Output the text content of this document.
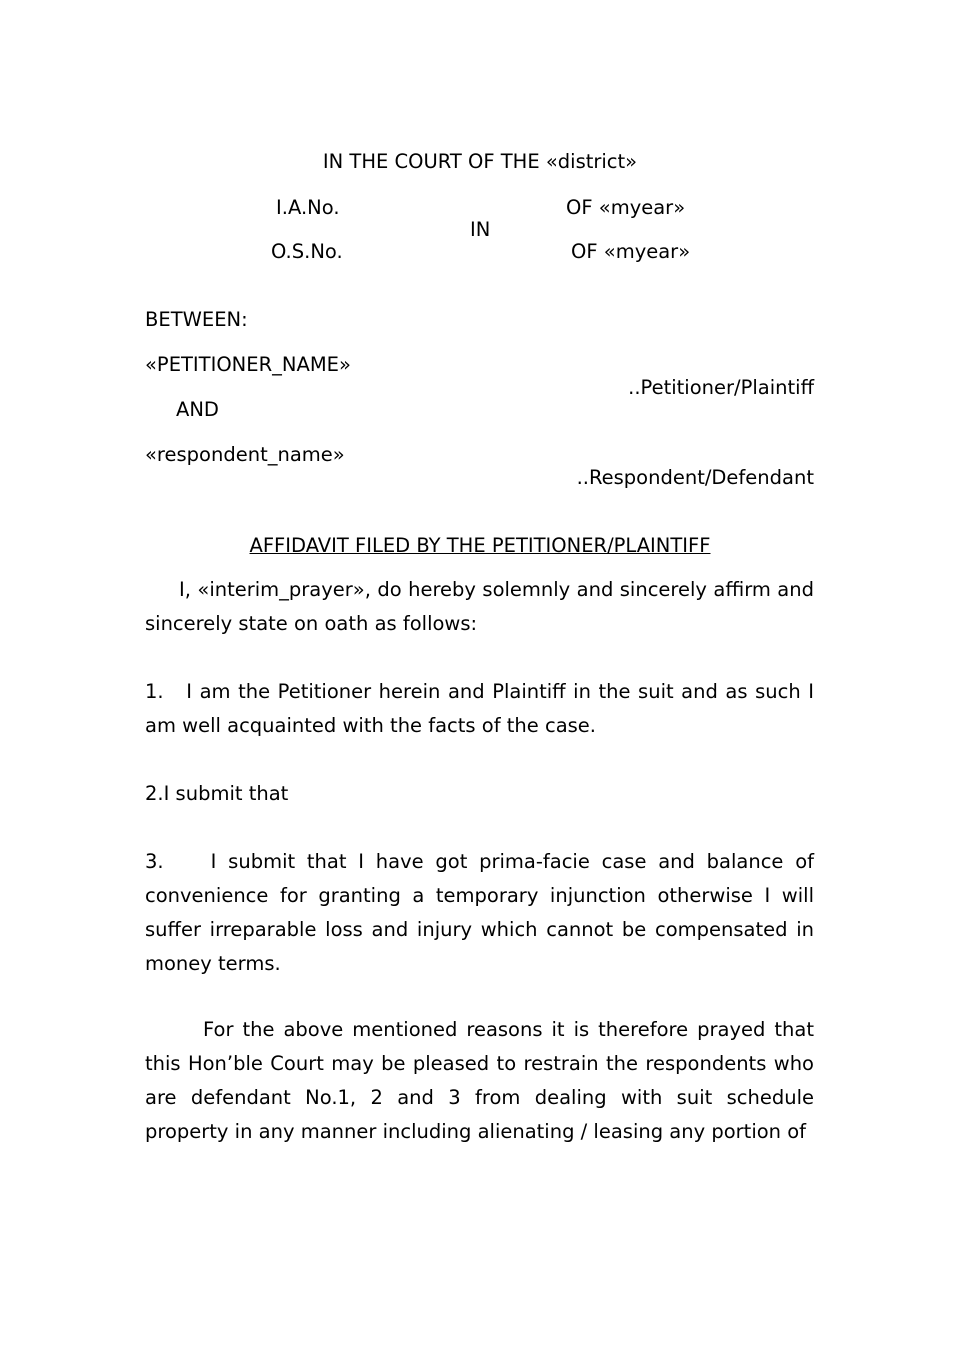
IN THE COURT OF THE «district»
I.A.No.	OF «myear»
IN
O.S.No.	OF «myear»
BETWEEN:
«PETITIONER_NAME»
..Petitioner/Plaintiff
AND
«respondent_name»
..Respondent/Defendant
AFFIDAVIT FILED BY THE PETITIONER/PLAINTIFF
I, «interim_prayer», do hereby solemnly and sincerely affirm and sincerely state on oath as follows:
1.   I am the Petitioner herein and Plaintiff in the suit and as such I am well acquainted with the facts of the case.
2.I submit that
3.    I submit that I have got prima-facie case and balance of convenience for granting a temporary injunction otherwise I will suffer irreparable loss and injury which cannot be compensated in money terms.
For the above mentioned reasons it is therefore prayed that this Hon’ble Court may be pleased to restrain the respondents who are defendant No.1, 2 and 3 from dealing with suit schedule property in any manner including alienating / leasing any portion of
